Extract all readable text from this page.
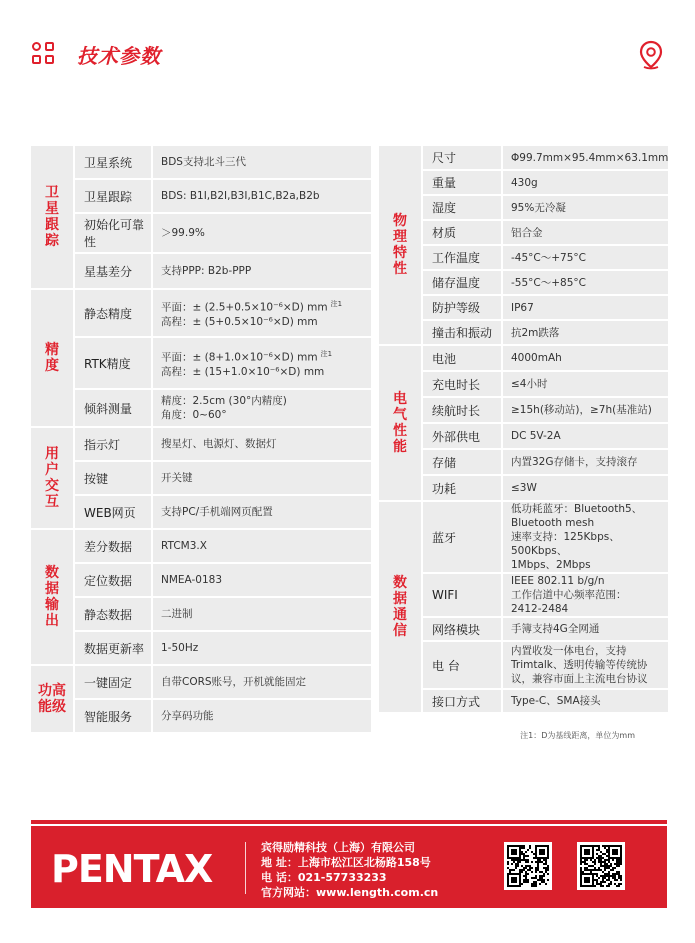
技术参数
卫星跟踪	卫星系统	BDS支持北斗三代

	卫星跟踪	BDS: B1I,B2I,B3I,B1C,B2a,B2b

	初始化可靠性	＞99.9%

	星基差分	支持PPP: B2b-PPP

精度	静态精度	平面：± (2.5+0.5×10⁻⁶×D) mm $^{注1}$
高程：± (5+0.5×10⁻⁶×D) mm

	RTK精度	平面：± (8+1.0×10⁻⁶×D) mm $^{注1}$
高程：± (15+1.0×10⁻⁶×D) mm

	倾斜测量	精度：2.5cm (30°内精度)
角度：0~60°

用户交互	指示灯	搜星灯、电源灯、数据灯

	按键	开关键

	WEB网页	支持PC/手机端网页配置

数据输出	差分数据	RTCM3.X

	定位数据	NMEA-0183

	静态数据	二进制

	数据更新率	1-50Hz

功高能级	一键固定	自带CORS账号，开机就能固定

	智能服务	分享码功能
物理特性	尺寸	Φ99.7mm×95.4mm×63.1mm

	重量	430g

	湿度	95%无冷凝

	材质	铝合金

	工作温度	-45°C～+75°C

	储存温度	-55°C～+85°C

	防护等级	IP67

	撞击和振动	抗2m跌落

电气性能	电池	4000mAh

	充电时长	≤4小时

	续航时长	≥15h(移动站)，≥7h(基准站)

	外部供电	DC 5V-2A

	存储	内置32G存储卡，支持滚存

	功耗	≤3W

数据通信	蓝牙	低功耗蓝牙：Bluetooth5、
Bluetooth mesh
速率支持：125Kbps、500Kbps、
1Mbps、2Mbps

	WIFI	IEEE 802.11 b/g/n
工作信道中心频率范围：
2412-2484

	网络模块	手簿支持4G全网通

	电 台	内置收发一体电台，支持
Trimtalk、透明传输等传统协
议，兼容市面上主流电台协议

	接口方式	Type-C、SMA接头
注1：D为基线距离，单位为mm
PENTAX	宾得励精科技（上海）有限公司
地 址：上海市松江区北杨路158号
电 话：021-57733233
官方网站：www.length.com.cn
